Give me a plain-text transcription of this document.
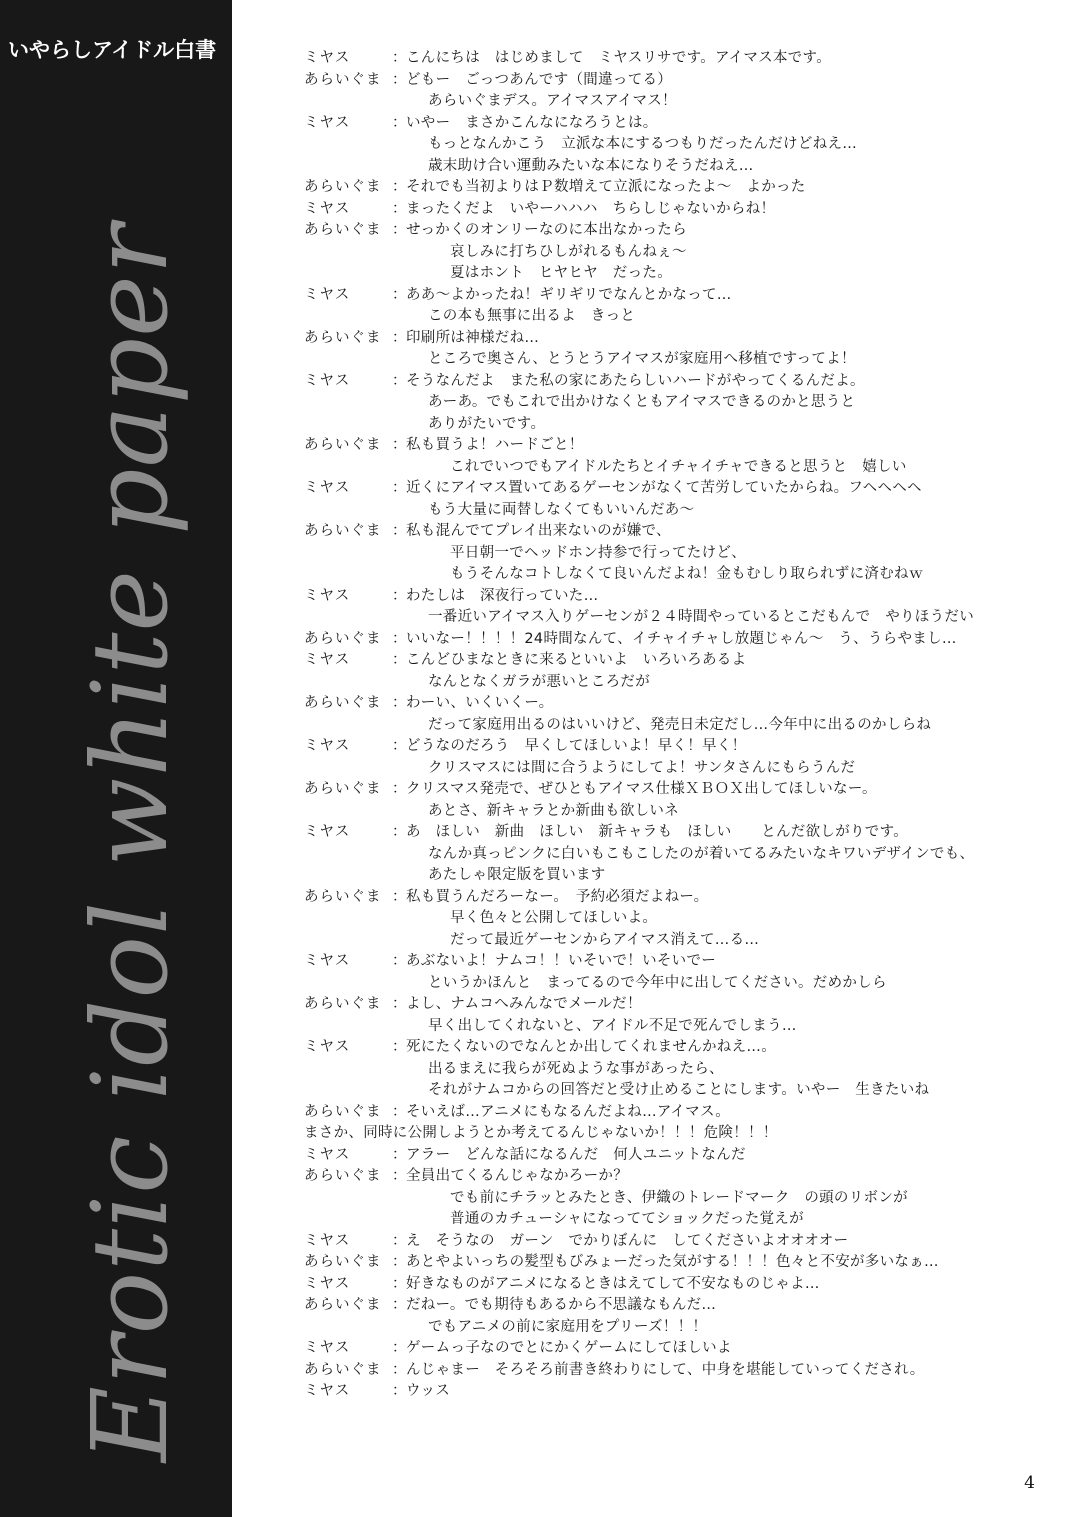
いやらしアイドル白書
Erotic idol white paper
ミヤス	： こんにちは　はじめまして　ミヤスリサです。アイマス本です。
あらいぐま ： どもー　ごっつあんです（間違ってる）
あらいぐまデス。アイマスアイマス！
ミヤス	： いやー　まさかこんなになろうとは。
もっとなんかこう　立派な本にするつもりだったんだけどねえ…
歳末助け合い運動みたいな本になりそうだねえ…
あらいぐま ： それでも当初よりはＰ数増えて立派になったよ〜　よかった
ミヤス	： まったくだよ　いやーハハハ　ちらしじゃないからね！
あらいぐま ： せっかくのオンリーなのに本出なかったら
哀しみに打ちひしがれるもんねぇ〜
夏はホント　ヒヤヒヤ　だった。
ミヤス	： ああ〜よかったね！ギリギリでなんとかなって…
この本も無事に出るよ　きっと
あらいぐま ： 印刷所は神様だね…
ところで奥さん、とうとうアイマスが家庭用へ移植ですってよ！
ミヤス	： そうなんだよ　また私の家にあたらしいハードがやってくるんだよ。
あーあ。でもこれで出かけなくともアイマスできるのかと思うと
ありがたいです。
あらいぐま ： 私も買うよ！ハードごと！
これでいつでもアイドルたちとイチャイチャできると思うと　嬉しい
ミヤス	： 近くにアイマス置いてあるゲーセンがなくて苦労していたからね。フヘヘヘヘ
もう大量に両替しなくてもいいんだあ〜
あらいぐま ： 私も混んでてプレイ出来ないのが嫌で、
平日朝一でヘッドホン持参で行ってたけど、
もうそんなコトしなくて良いんだよね！金もむしり取られずに済むねｗ
ミヤス	： わたしは　深夜行っていた…
一番近いアイマス入りゲーセンが２４時間やっているとこだもんで　やりほうだい
あらいぐま ： いいなー！！！！24時間なんて、イチャイチャし放題じゃん〜　う、うらやまし…
ミヤス	： こんどひまなときに来るといいよ　いろいろあるよ
なんとなくガラが悪いところだが
あらいぐま ： わーい、いくいくー。
だって家庭用出るのはいいけど、発売日未定だし…今年中に出るのかしらね
ミヤス	： どうなのだろう　早くしてほしいよ！早く！早く！
クリスマスには間に合うようにしてよ！サンタさんにもらうんだ
あらいぐま ： クリスマス発売で、ぜひともアイマス仕様ＸＢＯＸ出してほしいなー。
あとさ、新キャラとか新曲も欲しいネ
ミヤス	： あ　ほしい　新曲　ほしい　新キャラも　ほしい　　とんだ欲しがりです。
なんか真っピンクに白いもこもこしたのが着いてるみたいなキワいデザインでも、
あたしゃ限定版を買います
あらいぐま ： 私も買うんだろーなー。　予約必須だよねー。
早く色々と公開してほしいよ。
だって最近ゲーセンからアイマス消えて…る…
ミヤス	： あぶないよ！ナムコ！！いそいで！いそいでー
というかほんと　まってるので今年中に出してください。だめかしら
あらいぐま ： よし、ナムコへみんなでメールだ！
早く出してくれないと、アイドル不足で死んでしまう…
ミヤス	： 死にたくないのでなんとか出してくれませんかねえ…。
出るまえに我らが死ぬような事があったら、
それがナムコからの回答だと受け止めることにします。いやー　生きたいね
あらいぐま ： そいえば…アニメにもなるんだよね…アイマス。
まさか、同時に公開しようとか考えてるんじゃないか！！！危険！！！
ミヤス	： アラー　どんな話になるんだ　何人ユニットなんだ
あらいぐま ： 全員出てくるんじゃなかろーか？
でも前にチラッとみたとき、伊織のトレードマーク　の頭のリボンが
普通のカチューシャになっててショックだった覚えが
ミヤス	： え　そうなの　ガーン　でかりぼんに　してくださいよオオオオー
あらいぐま ： あとやよいっちの髪型もびみょーだった気がする！！！色々と不安が多いなぁ…
ミヤス	： 好きなものがアニメになるときはえてして不安なものじゃよ…
あらいぐま ： だねー。でも期待もあるから不思議なもんだ…
でもアニメの前に家庭用をプリーズ！！！
ミヤス	： ゲームっ子なのでとにかくゲームにしてほしいよ
あらいぐま ： んじゃまー　そろそろ前書き終わりにして、中身を堪能していってくだされ。
ミヤス	： ウッス
4
